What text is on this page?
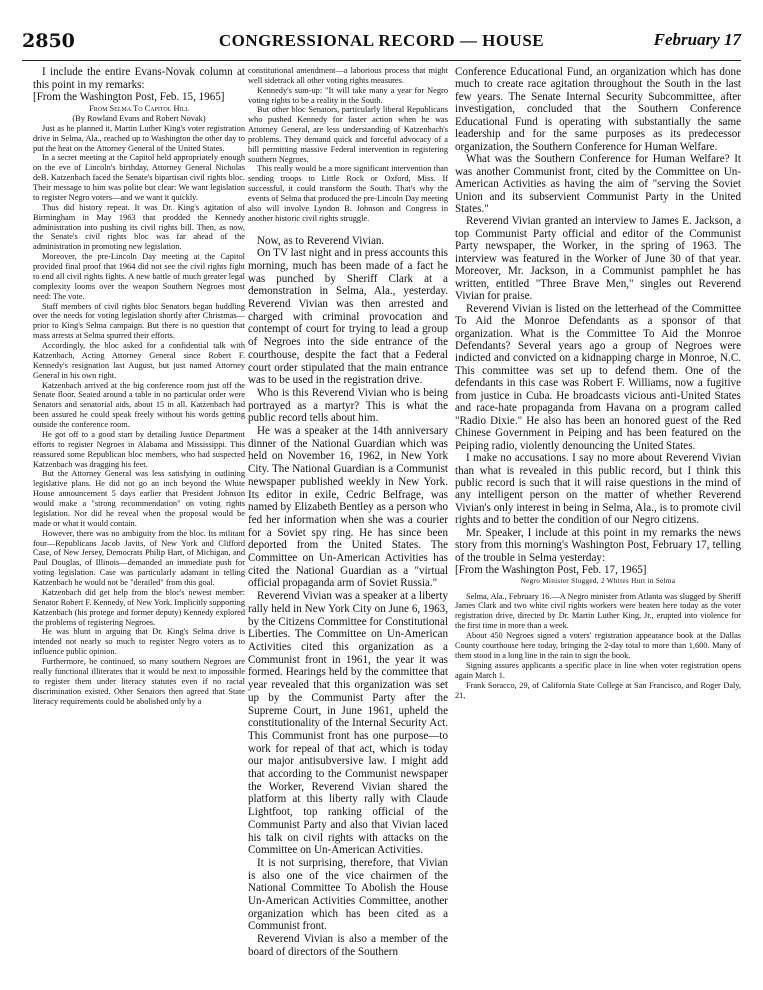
2850	CONGRESSIONAL RECORD — HOUSE	February 17

I include the entire Evans-Novak column at this point in my remarks:

[From the Washington Post, Feb. 15, 1965]

From Selma To Capitol Hill

(By Rowland Evans and Robert Novak)

Just as he planned it, Martin Luther King's voter registration drive in Selma, Ala., reached up to Washington the other day to put the heat on the Attorney General of the United States.

In a secret meeting at the Capitol held appropriately enough on the eve of Lincoln's birthday, Attorney General Nicholas deB. Katzenbach faced the Senate's bipartisan civil rights bloc. Their message to him was polite but clear: We want legislation to register Negro voters—and we want it quickly.

Thus did history repeat. It was Dr. King's agitation of Birmingham in May 1963 that prodded the Kennedy administration into pushing its civil rights bill. Then, as now, the Senate's civil rights bloc was far ahead of the administration in promoting new legislation.

Moreover, the pre-Lincoln Day meeting at the Capitol provided final proof that 1964 did not see the civil rights fight to end all civil rights fights. A new battle of much greater legal complexity looms over the weapon Southern Negroes most need: The vote.

Staff members of civil rights bloc Senators began huddling over the needs for voting legislation shortly after Christmas—prior to King's Selma campaign. But there is no question that mass arrests at Selma spurred their efforts.

Accordingly, the bloc asked for a confidential talk with Katzenbach, Acting Attorney General since Robert F. Kennedy's resignation last August, but just named Attorney General in his own right.

Katzenbach arrived at the big conference room just off the Senate floor. Seated around a table in no particular order were Senators and senatorial aids, about 15 in all. Katzenbach had been assured he could speak freely without his words getting outside the conference room.

He got off to a good start by detailing Justice Department efforts to register Negroes in Alabama and Mississippi. This reassured some Republican bloc members, who had suspected Katzenbach was dragging his feet.

But the Attorney General was less satisfying in outlining legislative plans. He did not go an inch beyond the White House announcement 5 days earlier that President Johnson would make a "strong recommendation" on voting rights legislation. Nor did he reveal when the proposal would be made or what it would contain.

However, there was no ambiguity from the bloc. Its militant four—Republicans Jacob Javits, of New York and Clifford Case, of New Jersey, Democrats Philip Hart, of Michigan, and Paul Douglas, of Illinois—demanded an immediate push for voting legislation. Case was particularly adamant in telling Katzenbach he would not be "derailed" from this goal.

Katzenbach did get help from the bloc's newest member: Senator Robert F. Kennedy, of New York. Implicitly supporting Katzenbach (his protege and former deputy) Kennedy explored the problems of registering Negroes.

He was blunt in arguing that Dr. King's Selma drive is intended not nearly so much to register Negro voters as to influence public opinion.

Furthermore, he continued, so many southern Negroes are really functional illiterates that it would be next to impossible to register them under literacy statutes even if no racial discrimination existed. Other Senators then agreed that State literacy requirements could be abolished only by a

constitutional amendment—a laborious process that might well sidetrack all other voting rights measures.

Kennedy's sum-up: "It will take many a year for Negro voting rights to be a reality in the South.

But other bloc Senators, particularly liberal Republicans who pushed Kennedy for faster action when he was Attorney General, are less understanding of Katzenbach's problems. They demand quick and forceful advocacy of a bill permitting massive Federal intervention in registering southern Negroes.

This really would be a more significant intervention than sending troops to Little Rock or Oxford, Miss. If successful, it could transform the South. That's why the events of Selma that produced the pre-Lincoln Day meeting also will involve Lyndon B. Johnson and Congress in another historic civil rights struggle.

Now, as to Reverend Vivian.

On TV last night and in press accounts this morning, much has been made of a fact he was punched by Sheriff Clark at a demonstration in Selma, Ala., yesterday. Reverend Vivian was then arrested and charged with criminal provocation and contempt of court for trying to lead a group of Negroes into the side entrance of the courthouse, despite the fact that a Federal court order stipulated that the main entrance was to be used in the registration drive.

Who is this Reverend Vivian who is being portrayed as a martyr? This is what the public record tells about him.

He was a speaker at the 14th anniversary dinner of the National Guardian which was held on November 16, 1962, in New York City. The National Guardian is a Communist newspaper published weekly in New York. Its editor in exile, Cedric Belfrage, was named by Elizabeth Bentley as a person who fed her information when she was a courier for a Soviet spy ring. He has since been deported from the United States. The Committee on Un-American Activities has cited the National Guardian as a "virtual official propaganda arm of Soviet Russia."

Reverend Vivian was a speaker at a liberty rally held in New York City on June 6, 1963, by the Citizens Committee for Constitutional Liberties. The Committee on Un-American Activities cited this organization as a Communist front in 1961, the year it was formed. Hearings held by the committee that year revealed that this organization was set up by the Communist Party after the Supreme Court, in June 1961, upheld the constitutionality of the Internal Security Act. This Communist front has one purpose—to work for repeal of that act, which is today our major antisubversive law. I might add that according to the Communist newspaper the Worker, Reverend Vivian shared the platform at this liberty rally with Claude Lightfoot, top ranking official of the Communist Party and also that Vivian laced his talk on civil rights with attacks on the Committee on Un-American Activities.

It is not surprising, therefore, that Vivian is also one of the vice chairmen of the National Committee To Abolish the House Un-American Activities Committee, another organization which has been cited as a Communist front.

Reverend Vivian is also a member of the board of directors of the Southern

Conference Educational Fund, an organization which has done much to create race agitation throughout the South in the last few years. The Senate Internal Security Subcommittee, after investigation, concluded that the Southern Conference Educational Fund is operating with substantially the same leadership and for the same purposes as its predecessor organization, the Southern Conference for Human Welfare.

What was the Southern Conference for Human Welfare? It was another Communist front, cited by the Committee on Un-American Activities as having the aim of "serving the Soviet Union and its subservient Communist Party in the United States."

Reverend Vivian granted an interview to James E. Jackson, a top Communist Party official and editor of the Communist Party newspaper, the Worker, in the spring of 1963. The interview was featured in the Worker of June 30 of that year. Moreover, Mr. Jackson, in a Communist pamphlet he has written, entitled "Three Brave Men," singles out Reverend Vivian for praise.

Reverend Vivian is listed on the letterhead of the Committee To Aid the Monroe Defendants as a sponsor of that organization. What is the Committee To Aid the Monroe Defendants? Several years ago a group of Negroes were indicted and convicted on a kidnapping charge in Monroe, N.C. This committee was set up to defend them. One of the defendants in this case was Robert F. Williams, now a fugitive from justice in Cuba. He broadcasts vicious anti-United States and race-hate propaganda from Havana on a program called "Radio Dixie." He also has been an honored guest of the Red Chinese Government in Peiping and has been featured on the Peiping radio, violently denouncing the United States.

I make no accusations. I say no more about Reverend Vivian than what is revealed in this public record, but I think this public record is such that it will raise questions in the mind of any intelligent person on the matter of whether Reverend Vivian's only interest in being in Selma, Ala., is to promote civil rights and to better the condition of our Negro citizens.

Mr. Speaker, I include at this point in my remarks the news story from this morning's Washington Post, February 17, telling of the trouble in Selma yesterday:

[From the Washington Post, Feb. 17, 1965]

Negro Minister Slugged, 2 Whites Hurt in Selma

Selma, Ala., February 16.—A Negro minister from Atlanta was slugged by Sheriff James Clark and two white civil rights workers were beaten here today as the voter registration drive, directed by Dr. Martin Luther King, Jr., erupted into violence for the first time in more than a week.

About 450 Negroes signed a voters' registration appearance book at the Dallas County courthouse here today, bringing the 2-day total to more than 1,600. Many of them stood in a long line in the rain to sign the book.

Signing assures applicants a specific place in line when voter registration opens again March 1.

Frank Soracco, 29, of California State College at San Francisco, and Roger Daly, 21,
